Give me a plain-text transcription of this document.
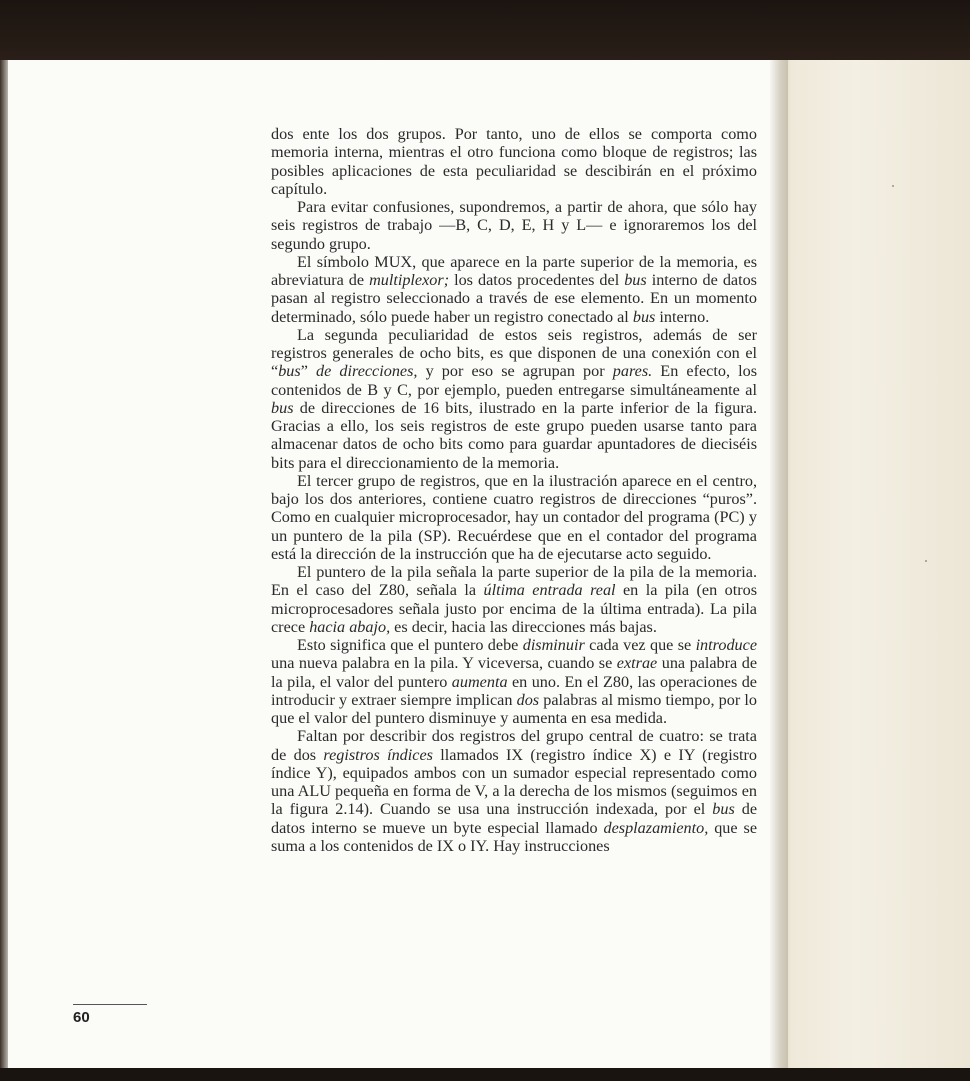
dos ente los dos grupos. Por tanto, uno de ellos se comporta como memoria interna, mientras el otro funciona como bloque de registros; las posibles aplicaciones de esta peculiaridad se descibirán en el próximo capítulo.

Para evitar confusiones, supondremos, a partir de ahora, que sólo hay seis registros de trabajo —B, C, D, E, H y L— e ignoraremos los del segundo grupo.

El símbolo MUX, que aparece en la parte superior de la memoria, es abreviatura de multiplexor; los datos procedentes del bus interno de datos pasan al registro seleccionado a través de ese elemento. En un momento determinado, sólo puede haber un registro conectado al bus interno.

La segunda peculiaridad de estos seis registros, además de ser registros generales de ocho bits, es que disponen de una conexión con el “bus” de direcciones, y por eso se agrupan por pares. En efecto, los contenidos de B y C, por ejemplo, pueden entregarse simultáneamente al bus de direcciones de 16 bits, ilustrado en la parte inferior de la figura. Gracias a ello, los seis registros de este grupo pueden usarse tanto para almacenar datos de ocho bits como para guardar apuntadores de dieciséis bits para el direccionamiento de la memoria.

El tercer grupo de registros, que en la ilustración aparece en el centro, bajo los dos anteriores, contiene cuatro registros de direcciones “puros”. Como en cualquier microprocesador, hay un contador del programa (PC) y un puntero de la pila (SP). Recuérdese que en el contador del programa está la dirección de la instrucción que ha de ejecutarse acto seguido.

El puntero de la pila señala la parte superior de la pila de la memoria. En el caso del Z80, señala la última entrada real en la pila (en otros microprocesadores señala justo por encima de la última entrada). La pila crece hacia abajo, es decir, hacia las direcciones más bajas.

Esto significa que el puntero debe disminuir cada vez que se introduce una nueva palabra en la pila. Y viceversa, cuando se extrae una palabra de la pila, el valor del puntero aumenta en uno. En el Z80, las operaciones de introducir y extraer siempre implican dos palabras al mismo tiempo, por lo que el valor del puntero disminuye y aumenta en esa medida.

Faltan por describir dos registros del grupo central de cuatro: se trata de dos registros índices llamados IX (registro índice X) e IY (registro índice Y), equipados ambos con un sumador especial representado como una ALU pequeña en forma de V, a la derecha de los mismos (seguimos en la figura 2.14). Cuando se usa una instrucción indexada, por el bus de datos interno se mueve un byte especial llamado desplazamiento, que se suma a los contenidos de IX o IY. Hay instrucciones

60
